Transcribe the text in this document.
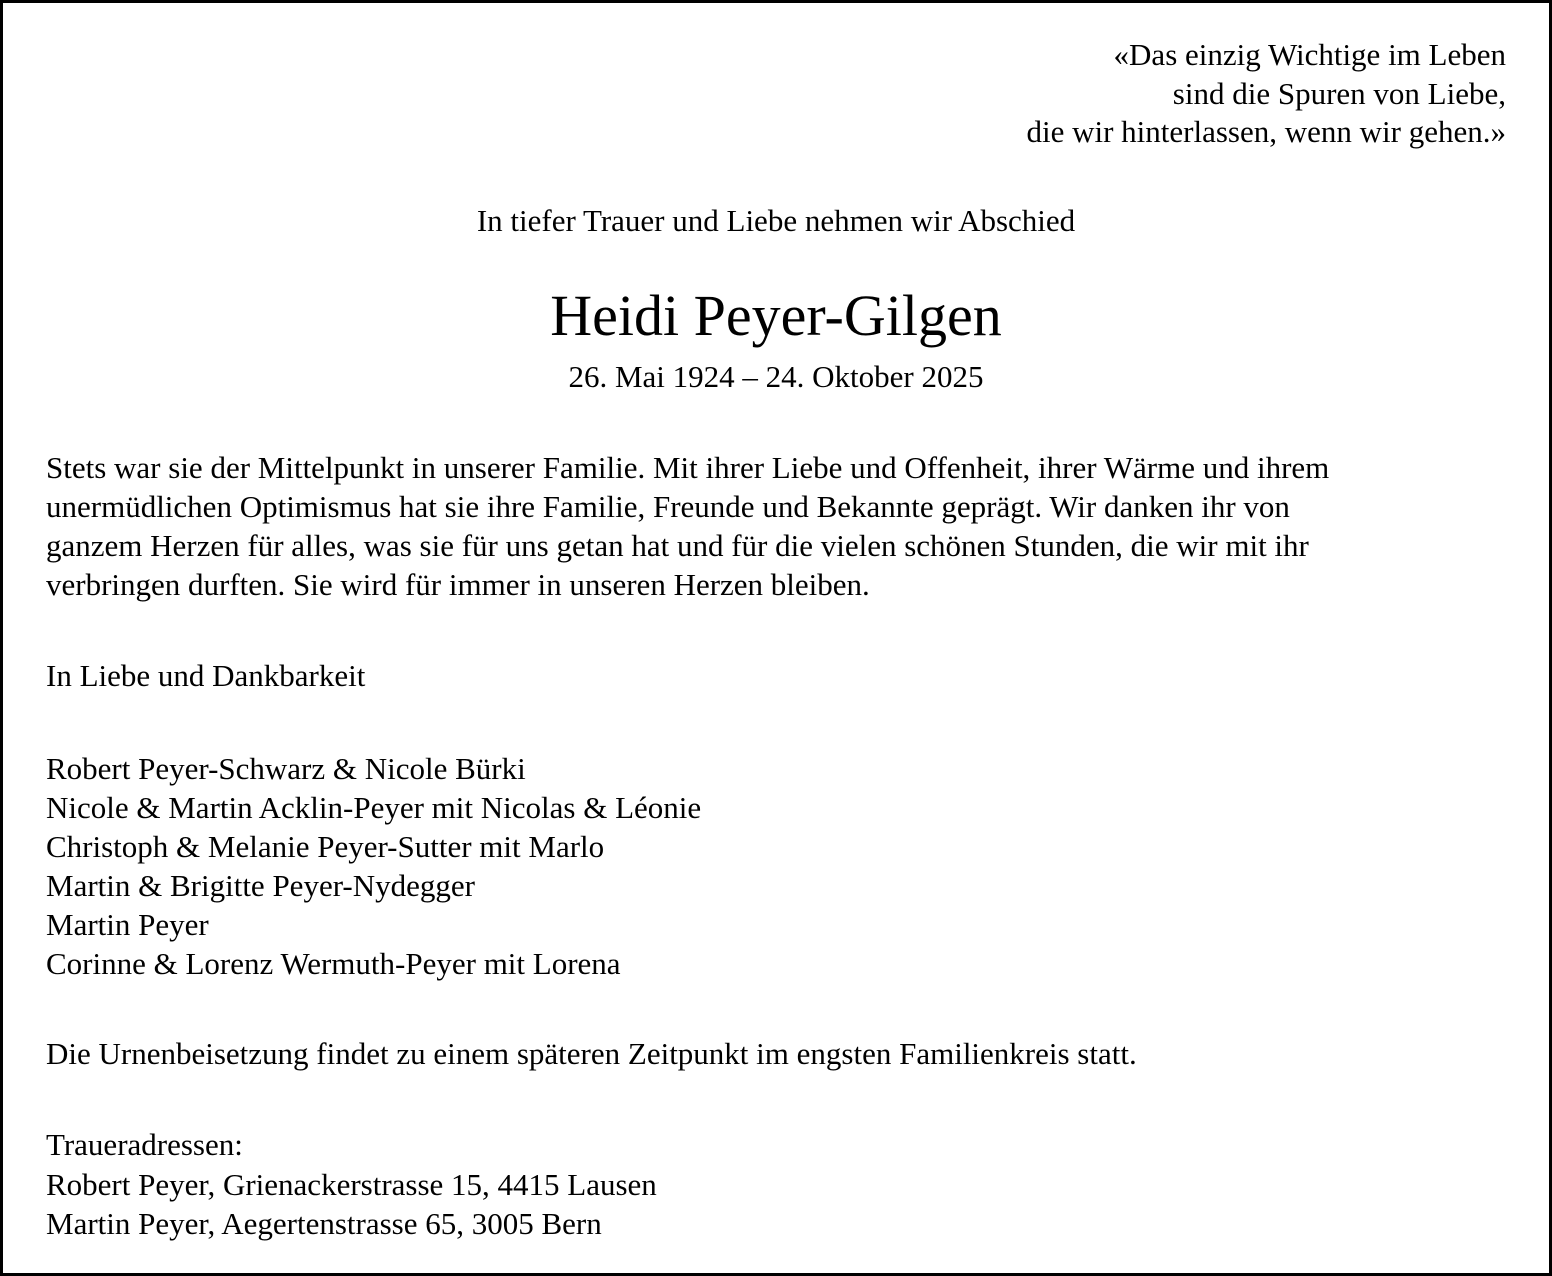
«Das einzig Wichtige im Leben
sind die Spuren von Liebe,
die wir hinterlassen, wenn wir gehen.»

In tiefer Trauer und Liebe nehmen wir Abschied

Heidi Peyer-Gilgen

26. Mai 1924 – 24. Oktober 2025

Stets war sie der Mittelpunkt in unserer Familie. Mit ihrer Liebe und Offenheit, ihrer Wärme und ihrem
unermüdlichen Optimismus hat sie ihre Familie, Freunde und Bekannte geprägt. Wir danken ihr von
ganzem Herzen für alles, was sie für uns getan hat und für die vielen schönen Stunden, die wir mit ihr
verbringen durften. Sie wird für immer in unseren Herzen bleiben.

In Liebe und Dankbarkeit

Robert Peyer-Schwarz & Nicole Bürki
Nicole & Martin Acklin-Peyer mit Nicolas & Léonie
Christoph & Melanie Peyer-Sutter mit Marlo
Martin & Brigitte Peyer-Nydegger
Martin Peyer
Corinne & Lorenz Wermuth-Peyer mit Lorena

Die Urnenbeisetzung findet zu einem späteren Zeitpunkt im engsten Familienkreis statt.

Traueradressen:
Robert Peyer, Grienackerstrasse 15, 4415 Lausen
Martin Peyer, Aegertenstrasse 65, 3005 Bern
